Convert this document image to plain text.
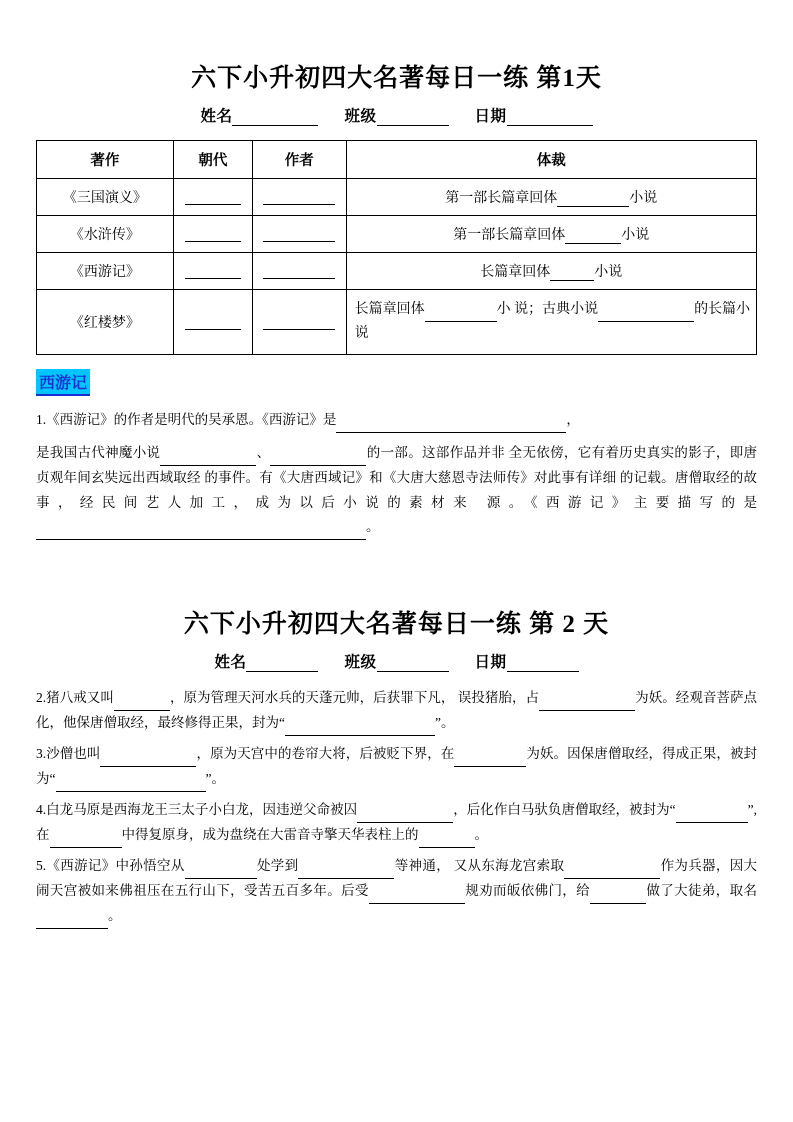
六下小升初四大名著每日一练 第1天
姓名	班级	日期
著作	朝代	作者	体裁
《三国演义》			第一部长篇章回体 小说
《水浒传》			第一部长篇章回体 小说
《西游记》			长篇章回体 小说
《红楼梦》			长篇章回体 小 说；古典小说 的长篇小说
西游记

1.《西游记》的作者是明代的吴承恩。《西游记》是	，

是我国古代神魔小说	、	的一部。这部作品并非 全无依傍，它有着历史真实的影子，即唐贞观年间玄奘远出西域取经 的事件。有《大唐西域记》和《大唐大慈恩寺法师传》对此事有详细 的记载。唐僧取经的故事，经民间艺人加工，成为以后小说的素材来 源。《西游记》主要描写的是。

六下小升初四大名著每日一练 第 2 天
姓名	班级	日期

2.猪八戒又叫	，原为管理天河水兵的天蓬元帅，后获罪下凡， 误投猪胎，占	为妖。经观音菩萨点化，他保唐僧取经，最终修得正果，封为“	”。

3.沙僧也叫	，原为天宫中的卷帘大将，后被贬下界，在	为妖。因保唐僧取经，得成正果，被封为“	”。

4.白龙马原是西海龙王三太子小白龙，因违逆父命被囚	，后化作白马驮负唐僧取经，被封为“	”,在	中得复原身，成为盘绕在大雷音寺擎天华表柱上的	。

5.《西游记》中孙悟空从	处学到	等神通， 又从东海龙宫索取	作为兵器，因大闹天宫被如来佛祖压在五行山下，受苦五百多年。后受	规劝而皈依佛门，给	做了大徒弟，取名。
